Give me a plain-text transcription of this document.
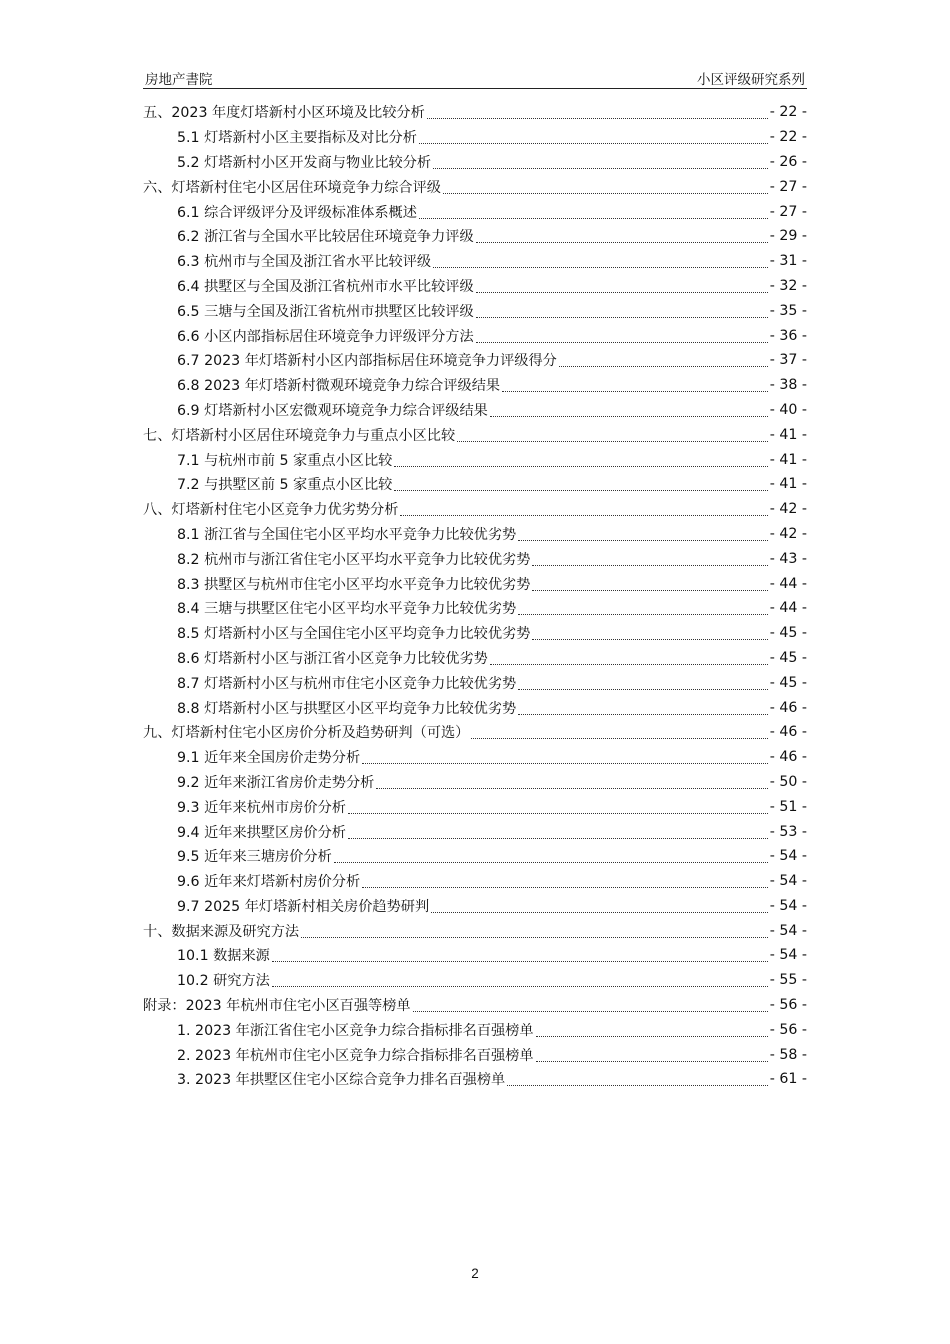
房地产書院	小区评级研究系列
五、2023 年度灯塔新村小区环境及比较分析	- 22 -
5.1 灯塔新村小区主要指标及对比分析	- 22 -
5.2 灯塔新村小区开发商与物业比较分析	- 26 -
六、灯塔新村住宅小区居住环境竞争力综合评级	- 27 -
6.1 综合评级评分及评级标准体系概述	- 27 -
6.2 浙江省与全国水平比较居住环境竞争力评级	- 29 -
6.3 杭州市与全国及浙江省水平比较评级	- 31 -
6.4 拱墅区与全国及浙江省杭州市水平比较评级	- 32 -
6.5 三塘与全国及浙江省杭州市拱墅区比较评级	- 35 -
6.6 小区内部指标居住环境竞争力评级评分方法	- 36 -
6.7 2023 年灯塔新村小区内部指标居住环境竞争力评级得分	- 37 -
6.8 2023 年灯塔新村微观环境竞争力综合评级结果	- 38 -
6.9 灯塔新村小区宏微观环境竞争力综合评级结果	- 40 -
七、灯塔新村小区居住环境竞争力与重点小区比较	- 41 -
7.1 与杭州市前 5 家重点小区比较	- 41 -
7.2 与拱墅区前 5 家重点小区比较	- 41 -
八、灯塔新村住宅小区竞争力优劣势分析	- 42 -
8.1 浙江省与全国住宅小区平均水平竞争力比较优劣势	- 42 -
8.2 杭州市与浙江省住宅小区平均水平竞争力比较优劣势	- 43 -
8.3 拱墅区与杭州市住宅小区平均水平竞争力比较优劣势	- 44 -
8.4 三塘与拱墅区住宅小区平均水平竞争力比较优劣势	- 44 -
8.5 灯塔新村小区与全国住宅小区平均竞争力比较优劣势	- 45 -
8.6 灯塔新村小区与浙江省小区竞争力比较优劣势	- 45 -
8.7 灯塔新村小区与杭州市住宅小区竞争力比较优劣势	- 45 -
8.8 灯塔新村小区与拱墅区小区平均竞争力比较优劣势	- 46 -
九、灯塔新村住宅小区房价分析及趋势研判（可选）	- 46 -
9.1 近年来全国房价走势分析	- 46 -
9.2 近年来浙江省房价走势分析	- 50 -
9.3 近年来杭州市房价分析	- 51 -
9.4 近年来拱墅区房价分析	- 53 -
9.5 近年来三塘房价分析	- 54 -
9.6 近年来灯塔新村房价分析	- 54 -
9.7 2025 年灯塔新村相关房价趋势研判	- 54 -
十、数据来源及研究方法	- 54 -
10.1 数据来源	- 54 -
10.2 研究方法	- 55 -
附录：2023 年杭州市住宅小区百强等榜单	- 56 -
1. 2023 年浙江省住宅小区竞争力综合指标排名百强榜单	- 56 -
2. 2023 年杭州市住宅小区竞争力综合指标排名百强榜单	- 58 -
3. 2023 年拱墅区住宅小区综合竞争力排名百强榜单	- 61 -
2
